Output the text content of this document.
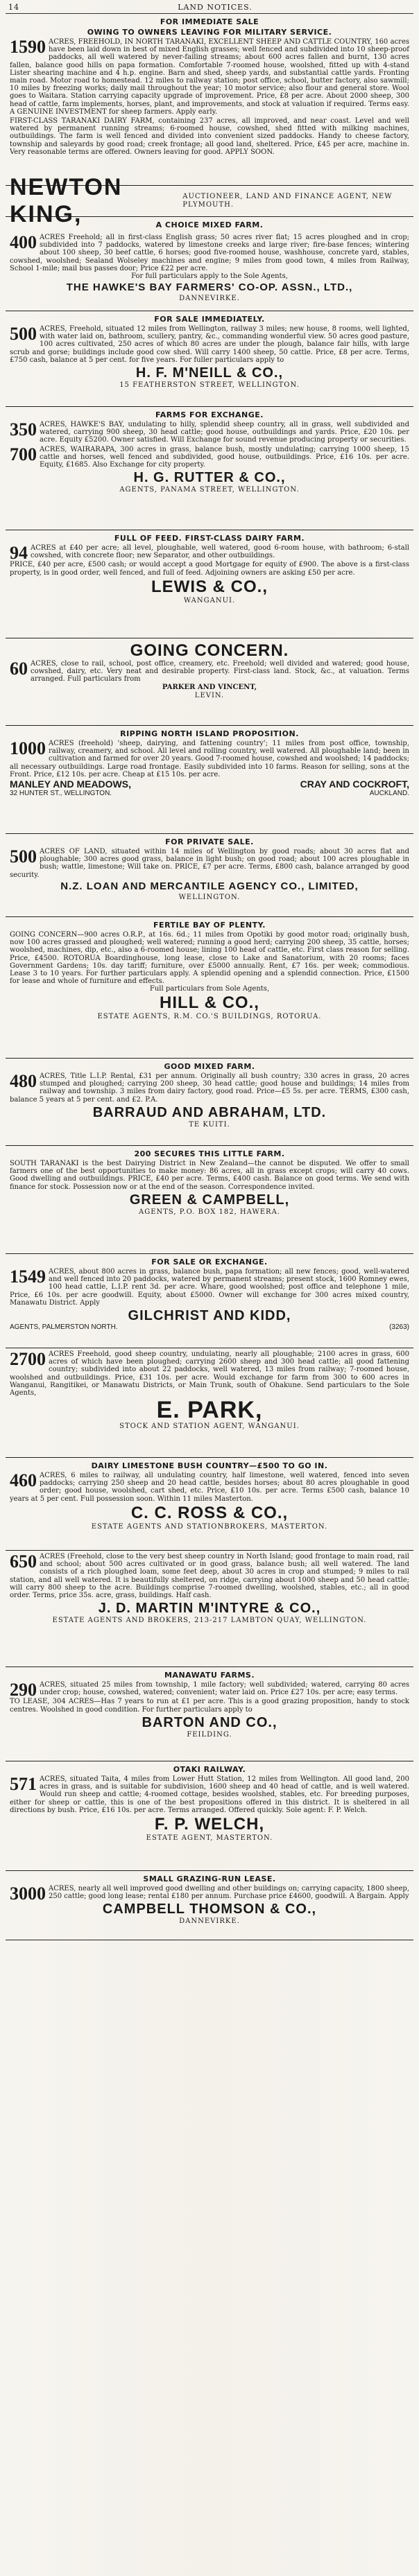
14	LAND NOTICES.
FOR IMMEDIATE SALE
OWING TO OWNERS LEAVING FOR MILITARY SERVICE.
1590 ACRES, FREEHOLD, IN NORTH TARANAKI, EXCELLENT SHEEP AND CATTLE COUNTRY, 160 acres have been laid down in best of mixed English grasses; well fenced and subdivided into 10 sheep-proof paddocks, all well watered by never-failing streams; about 600 acres fallen and burnt, 130 acres fallen, balance good hills on papa formation. Comfortable 7-roomed house, woolshed, fitted up with 4-stand Lister shearing machine and 4 h.p. engine. Barn and shed, sheep yards, and substantial cattle yards. Fronting main road. Motor road to homestead. 12 miles to railway station; post office, school, butter factory, also sawmill; 10 miles by freezing works; daily mail throughout the year; 10 motor service; also flour and general store. Wool goes to Waitara. Station carrying capacity upgrade of improvement. Price, £8 per acre. About 2000 sheep, 300 head of cattle, farm implements, horses, plant, and improvements, and stock at valuation if required. Terms easy. A GENUINE INVESTMENT for sheep farmers. Apply early.
FIRST-CLASS TARANAKI DAIRY FARM, containing 237 acres, all improved, and near coast. Level and well watered by permanent running streams; 6-roomed house, cowshed, shed fitted with milking machines, outbuildings. The farm is well fenced and divided into convenient sized paddocks. Handy to cheese factory, township and saleyards by good road; creek frontage; all good land, sheltered. Price, £45 per acre, machine in. Very reasonable terms are offered. Owners leaving for good. APPLY SOON.
NEWTON KING,
AUCTIONEER, LAND AND FINANCE AGENT, NEW PLYMOUTH.
A CHOICE MIXED FARM.
400 ACRES Freehold; all in first-class English grass; 50 acres river flat; 15 acres ploughed and in crop; subdivided into 7 paddocks, watered by limestone creeks and large river; fire-base fences; wintering about 100 sheep, 30 beef cattle, 6 horses; good five-roomed house, washhouse, concrete yard, stables, cowshed, woolshed; Sealand Wolseley machines and engine; 9 miles from good town, 4 miles from Railway, School 1-mile; mail bus passes door; Price £22 per acre.
For full particulars apply to the Sole Agents,
THE HAWKE'S BAY FARMERS' CO-OP. ASSN., LTD.,
DANNEVIRKE.
FOR SALE IMMEDIATELY.
500 ACRES, Freehold, situated 12 miles from Wellington, railway 3 miles; new house, 8 rooms, well lighted, with water laid on, bathroom, scullery, pantry, &c., commanding wonderful view. 50 acres good pasture, 100 acres cultivated, 250 acres of which 80 acres are under the plough, balance fair hills, with large scrub and gorse; buildings include good cow shed. Will carry 1400 sheep, 50 cattle. Price, £8 per acre. Terms, £750 cash, balance at 5 per cent. for five years. For fuller particulars apply to
H. F. M'NEILL & CO.,
15 FEATHERSTON STREET, WELLINGTON.
FARMS FOR EXCHANGE.
350 ACRES, HAWKE'S BAY, undulating to hilly, splendid sheep country, all in grass, well subdivided and watered, carrying 900 sheep, 30 head cattle; good house, outbuildings and yards. Price, £20 10s. per acre. Equity £5200. Owner satisfied. Will Exchange for sound revenue producing property or securities.
700 ACRES, WAIRARAPA, 300 acres in grass, balance bush, mostly undulating; carrying 1000 sheep, 15 cattle and horses, well fenced and subdivided, good house, outbuildings. Price, £16 10s. per acre. Equity, £1685. Also Exchange for city property.
H. G. RUTTER & CO.,
AGENTS, PANAMA STREET, WELLINGTON.
FULL OF FEED. FIRST-CLASS DAIRY FARM.
94 ACRES at £40 per acre; all level, ploughable, well watered, good 6-room house, with bathroom; 6-stall cowshed, with concrete floor; new Separator, and other outbuildings.
PRICE, £40 per acre, £500 cash; or would accept a good Mortgage for equity of £900. The above is a first-class property, is in good order, well fenced, and full of feed. Adjoining owners are asking £50 per acre.
LEWIS & CO.,
WANGANUI.
GOING CONCERN.
60 ACRES, close to rail, school, post office, creamery, etc. Freehold; well divided and watered; good house, cowshed, dairy, etc. Very neat and desirable property. First-class land. Stock, &c., at valuation. Terms arranged. Full particulars from
PARKER AND VINCENT,
LEVIN.
RIPPING NORTH ISLAND PROPOSITION.
1000 ACRES (freehold) 'sheep, dairying, and fattening country'; 11 miles from post office, township, railway, creamery, and school. All level and rolling country, well watered. All ploughable land; been in cultivation and farmed for over 20 years. Good 7-roomed house, cowshed and woolshed; 14 paddocks; all necessary outbuildings. Large road frontage. Easily subdivided into 10 farms. Reason for selling, sons at the Front. Price, £12 10s. per acre. Cheap at £15 10s. per acre.
MANLEY AND MEADOWS,	CRAY AND COCKROFT,
32 HUNTER ST., WELLINGTON.	AUCKLAND.
FOR PRIVATE SALE.
500 ACRES OF LAND, situated within 14 miles of Wellington by good roads; about 30 acres flat and ploughable; 300 acres good grass, balance in light bush; on good road; about 100 acres ploughable in bush; wattle, limestone; Will take on. PRICE, £7 per acre. Terms, £800 cash, balance arranged by good security.
N.Z. LOAN AND MERCANTILE AGENCY CO., LIMITED,
WELLINGTON.
FERTILE BAY OF PLENTY.
GOING CONCERN—900 acres O.R.P., at 16s. 6d.; 11 miles from Opotiki by good motor road; originally bush, now 100 acres grassed and ploughed; well watered; running a good herd; carrying 200 sheep, 35 cattle, horses; woolshed, machines, dip, etc., also a 6-roomed house; lining 100 head of cattle, etc. First class reason for selling. Price, £4500. ROTORUA Boardinghouse, long lease, close to Lake and Sanatorium, with 20 rooms; faces Government Gardens; 10s. day tariff; furniture, over £5000 annually. Rent, £7 16s. per week; commodious. Lease 3 to 10 years. For further particulars apply. A splendid opening and a splendid connection. Price, £1500 for lease and whole of furniture and effects.
Full particulars from Sole Agents,
HILL & CO.,
ESTATE AGENTS, R.M. CO.'S BUILDINGS, ROTORUA.
GOOD MIXED FARM.
480 ACRES, Title L.I.P. Rental, £31 per annum. Originally all bush country; 330 acres in grass, 20 acres stumped and ploughed; carrying 200 sheep, 30 head cattle; good house and buildings; 14 miles from railway and township. 3 miles from dairy factory, good road. Price—£5 5s. per acre. TERMS, £300 cash, balance 5 years at 5 per cent. and £2. P.A.
BARRAUD AND ABRAHAM, LTD.
TE KUITI.
200 SECURES THIS LITTLE FARM.
SOUTH TARANAKI is the best Dairying District in New Zealand—the cannot be disputed. We offer to small farmers one of the best opportunities to make money: 86 acres, all in grass except crops; will carry 40 cows. Good dwelling and outbuildings. PRICE, £40 per acre. Terms, £400 cash. Balance on good terms. We send with finance for stock. Possession now or at the end of the season. Correspondence invited.
GREEN & CAMPBELL,
AGENTS, P.O. BOX 182, HAWERA.
FOR SALE OR EXCHANGE.
1549 ACRES, about 800 acres in grass, balance bush, papa formation; all new fences; good, well-watered and well fenced into 20 paddocks, watered by permanent streams; present stock, 1600 Romney ewes, 100 head cattle, L.I.P. rent 3d. per acre. Whare, good woolshed; post office and telephone 1 mile, Price, £6 10s. per acre goodwill. Equity, about £5000. Owner will exchange for 300 acres mixed country, Manawatu District. Apply
GILCHRIST AND KIDD,
AGENTS, PALMERSTON NORTH.	(3263)
2700 ACRES Freehold, good sheep country, undulating, nearly all ploughable; 2100 acres in grass, 600 acres of which have been ploughed; carrying 2600 sheep and 300 head cattle; all good fattening country; subdivided into about 22 paddocks, well watered, 13 miles from railway; 7-roomed house, woolshed and outbuildings. Price, £31 10s. per acre. Would exchange for farm from 300 to 600 acres in Wanganui, Rangitikei, or Manawatu Districts, or Main Trunk, south of Ohakune. Send particulars to the Sole Agents,
E. PARK,
STOCK AND STATION AGENT, WANGANUI.
DAIRY LIMESTONE BUSH COUNTRY—£500 TO GO IN.
460 ACRES, 6 miles to railway, all undulating country, half limestone, well watered, fenced into seven paddocks; carrying 250 sheep and 20 head cattle, besides horses; about 80 acres ploughable in good order; good house, woolshed, cart shed, etc. Price, £10 10s. per acre. Terms £500 cash, balance 10 years at 5 per cent. Full possession soon. Within 11 miles Masterton.
C. C. ROSS & CO.,
ESTATE AGENTS AND STATIONBROKERS, MASTERTON.
650 ACRES (Freehold, close to the very best sheep country in North Island; good frontage to main road, rail and school; about 500 acres cultivated or in good grass, balance bush; all well watered. The land consists of a rich ploughed loam, some feet deep, about 30 acres in crop and stumped; 9 miles to rail station, and all well watered. It is beautifully sheltered, on ridge, carrying about 1000 sheep and 50 head cattle; will carry 800 sheep to the acre. Buildings comprise 7-roomed dwelling, woolshed, stables, etc.; all in good order. Terms, price 35s. acre, grass, buildings. Half cash.
J. D. MARTIN M'INTYRE & CO.,
ESTATE AGENTS AND BROKERS, 213-217 LAMBTON QUAY, WELLINGTON.
MANAWATU FARMS.
290 ACRES, situated 25 miles from township, 1 mile factory; well subdivided; watered, carrying 80 acres under crop; house, cowshed, watered; convenient; water laid on. Price £27 10s. per acre; easy terms.
TO LEASE, 304 ACRES—Has 7 years to run at £1 per acre. This is a good grazing proposition, handy to stock centres. Woolshed in good condition. For further particulars apply to
BARTON AND CO.,
FEILDING.
OTAKI RAILWAY.
571 ACRES, situated Taita, 4 miles from Lower Hutt Station, 12 miles from Wellington. All good land, 200 acres in grass, and is suitable for subdivision, 1600 sheep and 40 head of cattle, and is well watered. Would run sheep and cattle; 4-roomed cottage, besides woolshed, stables, etc. For breeding purposes, either for sheep or cattle, this is one of the best propositions offered in this district. It is sheltered in all directions by bush. Price, £16 10s. per acre. Terms arranged. Offered quickly. Sole agent: F. P. Welch.
F. P. WELCH,
ESTATE AGENT, MASTERTON.
SMALL GRAZING-RUN LEASE.
3000 ACRES, nearly all well improved good dwelling and other buildings on; carrying capacity, 1800 sheep, 250 cattle; good long lease; rental £180 per annum. Purchase price £4600, goodwill. A Bargain. Apply
CAMPBELL THOMSON & CO.,
DANNEVIRKE.
